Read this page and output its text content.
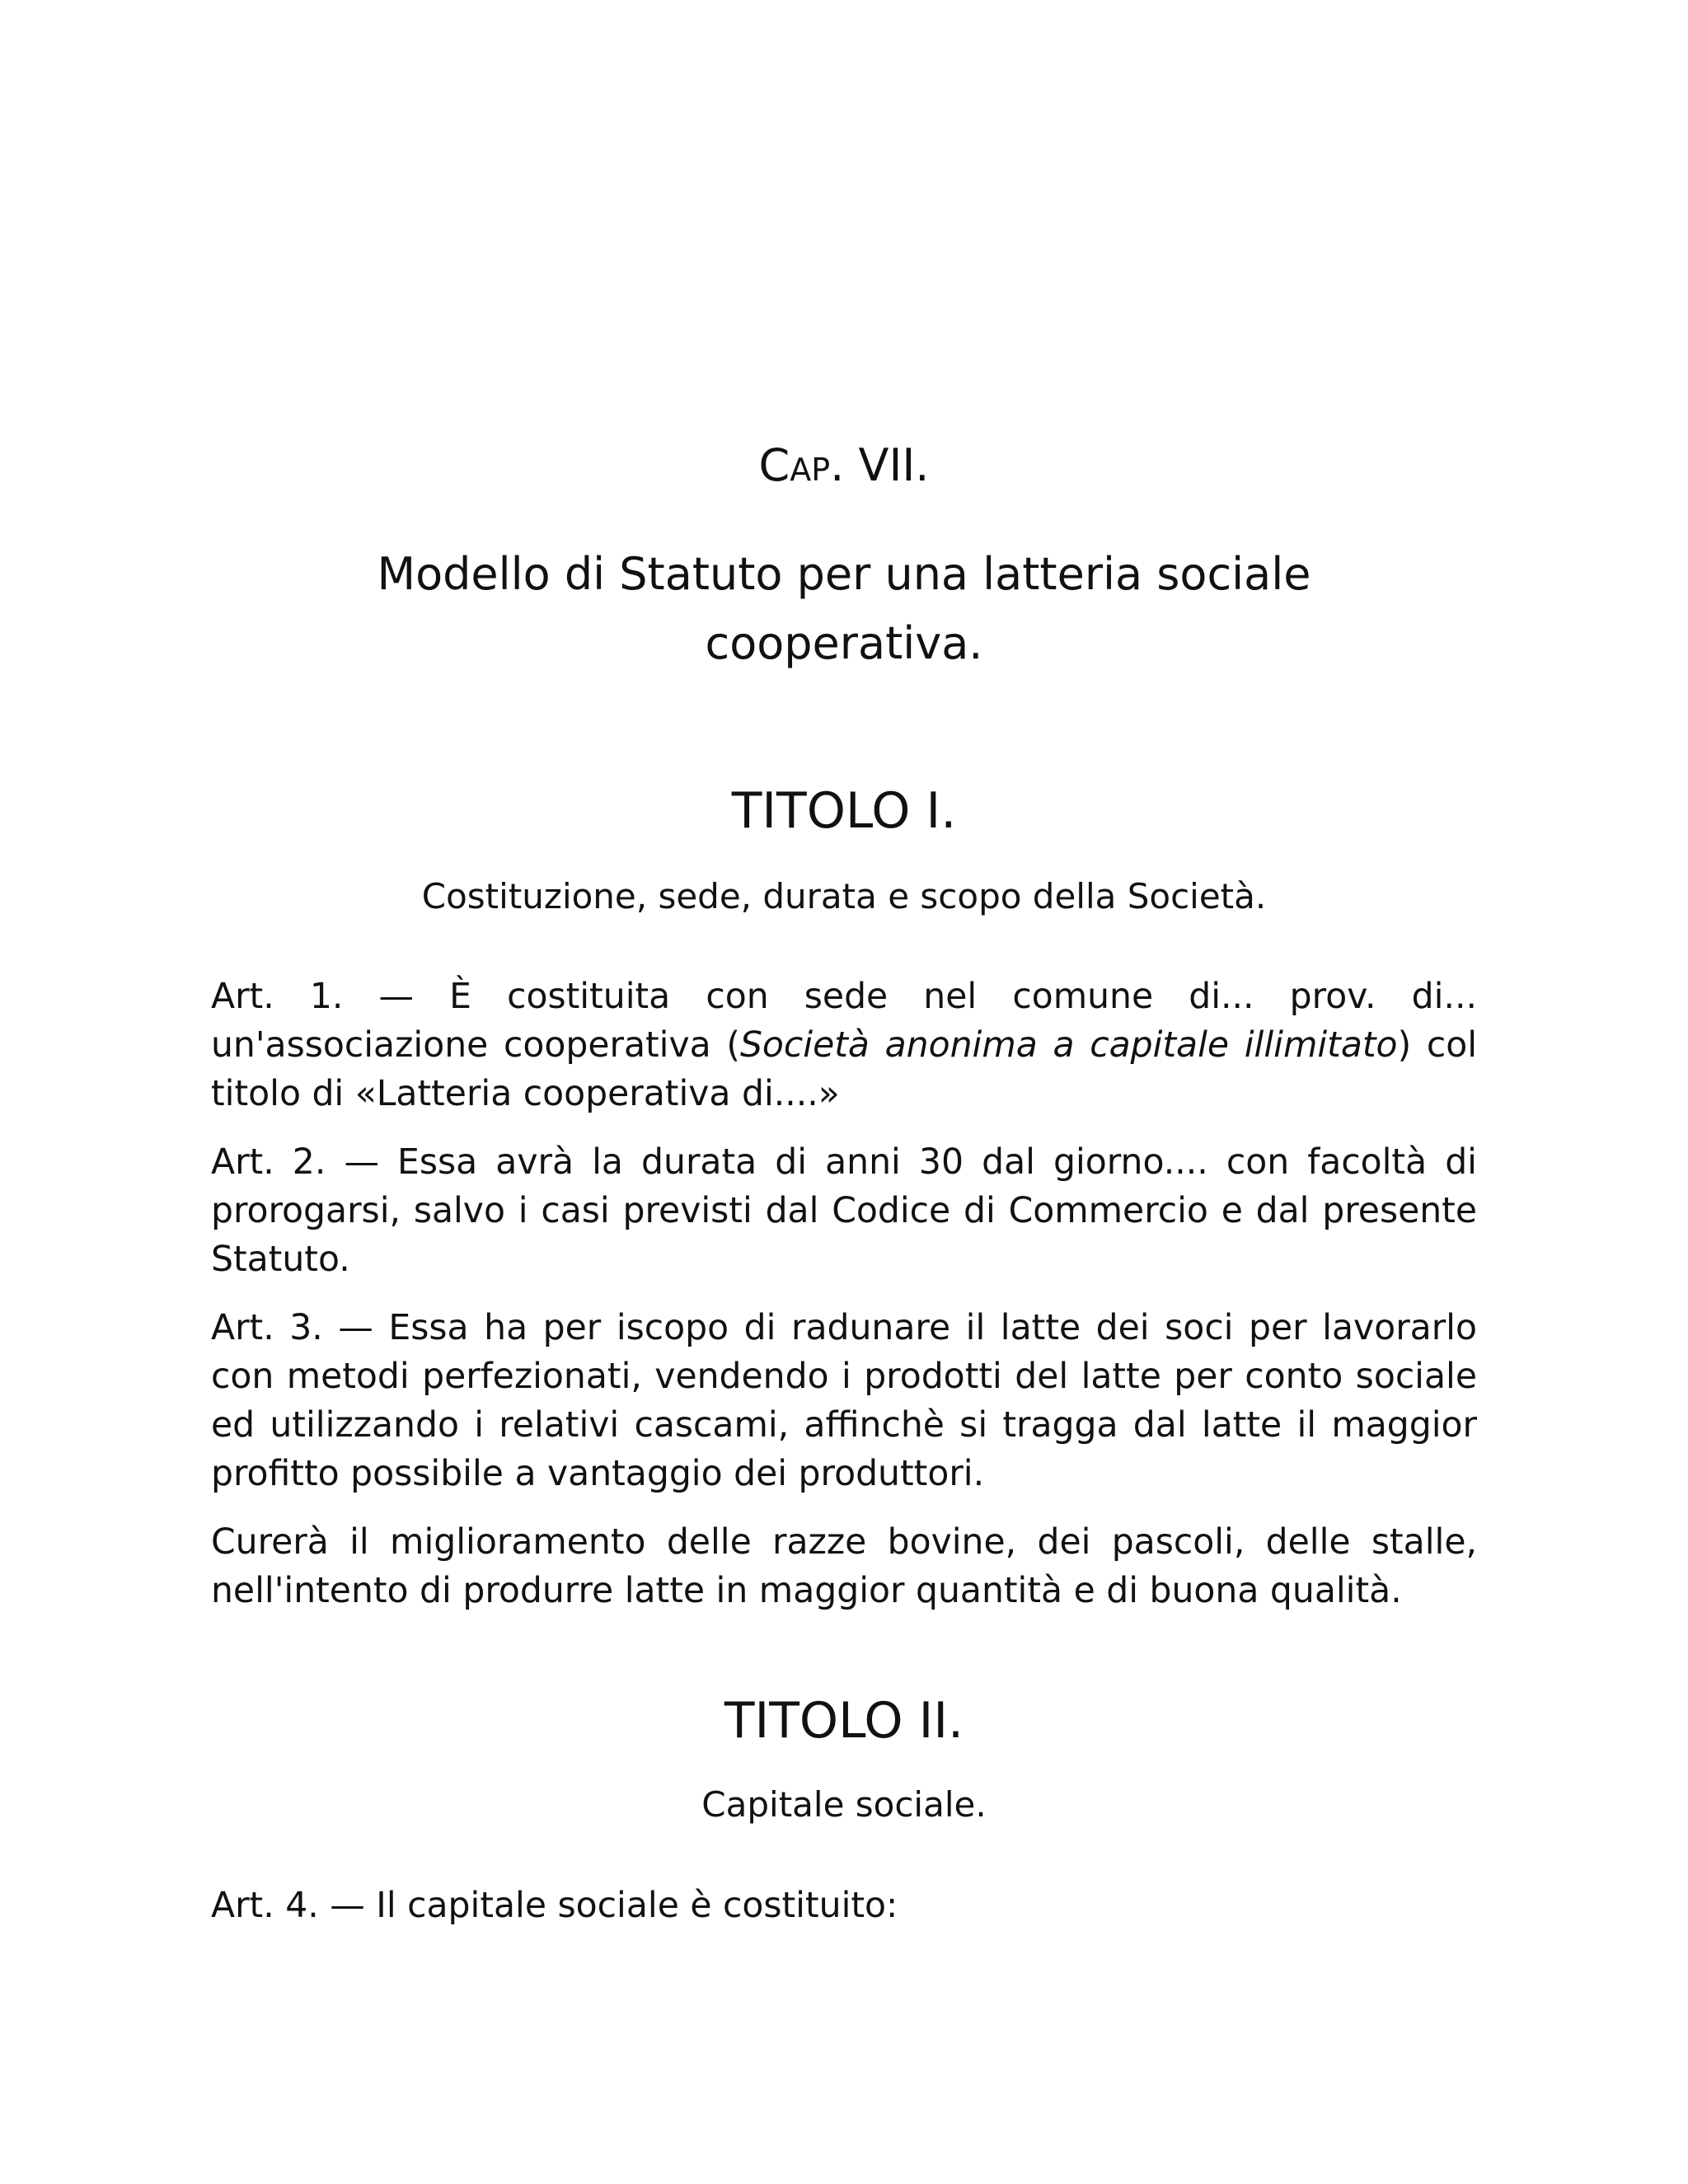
CAP. VII.

Modello di Statuto per una latteria sociale
cooperativa.
TITOLO I.

Costituzione, sede, durata e scopo della Società.

Art. 1. — È costituita con sede nel comune di... prov. di... un'associazione cooperativa (Società anonima a capitale illimitato) col titolo di «Latteria cooperativa di....»

Art. 2. — Essa avrà la durata di anni 30 dal giorno.... con facoltà di prorogarsi, salvo i casi previsti dal Codice di Commercio e dal presente Statuto.

Art. 3. — Essa ha per iscopo di radunare il latte dei soci per lavorarlo con metodi perfezionati, vendendo i prodotti del latte per conto sociale ed utilizzando i relativi cascami, affinchè si tragga dal latte il maggior profitto possibile a vantaggio dei produttori.

Curerà il miglioramento delle razze bovine, dei pascoli, delle stalle, nell'intento di produrre latte in maggior quantità e di buona qualità.

TITOLO II.

Capitale sociale.

Art. 4. — Il capitale sociale è costituito:
